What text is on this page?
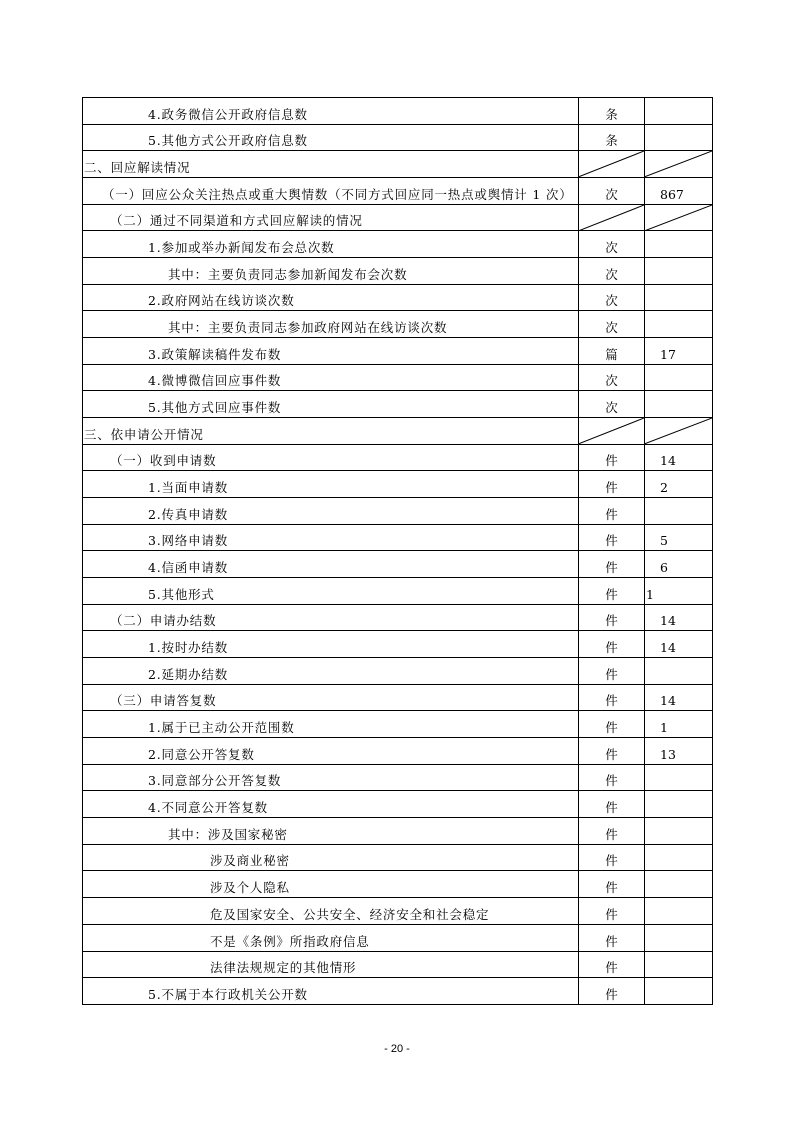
4.政务微信公开政府信息数	条
5.其他方式公开政府信息数	条
二、回应解读情况
（一）回应公众关注热点或重大舆情数（不同方式回应同一热点或舆情计 1 次）	次	867
（二）通过不同渠道和方式回应解读的情况
1.参加或举办新闻发布会总次数	次
其中：主要负责同志参加新闻发布会次数	次
2.政府网站在线访谈次数	次
其中：主要负责同志参加政府网站在线访谈次数	次
3.政策解读稿件发布数	篇	17
4.微博微信回应事件数	次
5.其他方式回应事件数	次
三、依申请公开情况
（一）收到申请数	件	14
1.当面申请数	件	2
2.传真申请数	件
3.网络申请数	件	5
4.信函申请数	件	6
5.其他形式	件	1
（二）申请办结数	件	14
1.按时办结数	件	14
2.延期办结数	件
（三）申请答复数	件	14
1.属于已主动公开范围数	件	1
2.同意公开答复数	件	13
3.同意部分公开答复数	件
4.不同意公开答复数	件
其中：涉及国家秘密	件
涉及商业秘密	件
涉及个人隐私	件
危及国家安全、公共安全、经济安全和社会稳定	件
不是《条例》所指政府信息	件
法律法规规定的其他情形	件
5.不属于本行政机关公开数	件
- 20 -
